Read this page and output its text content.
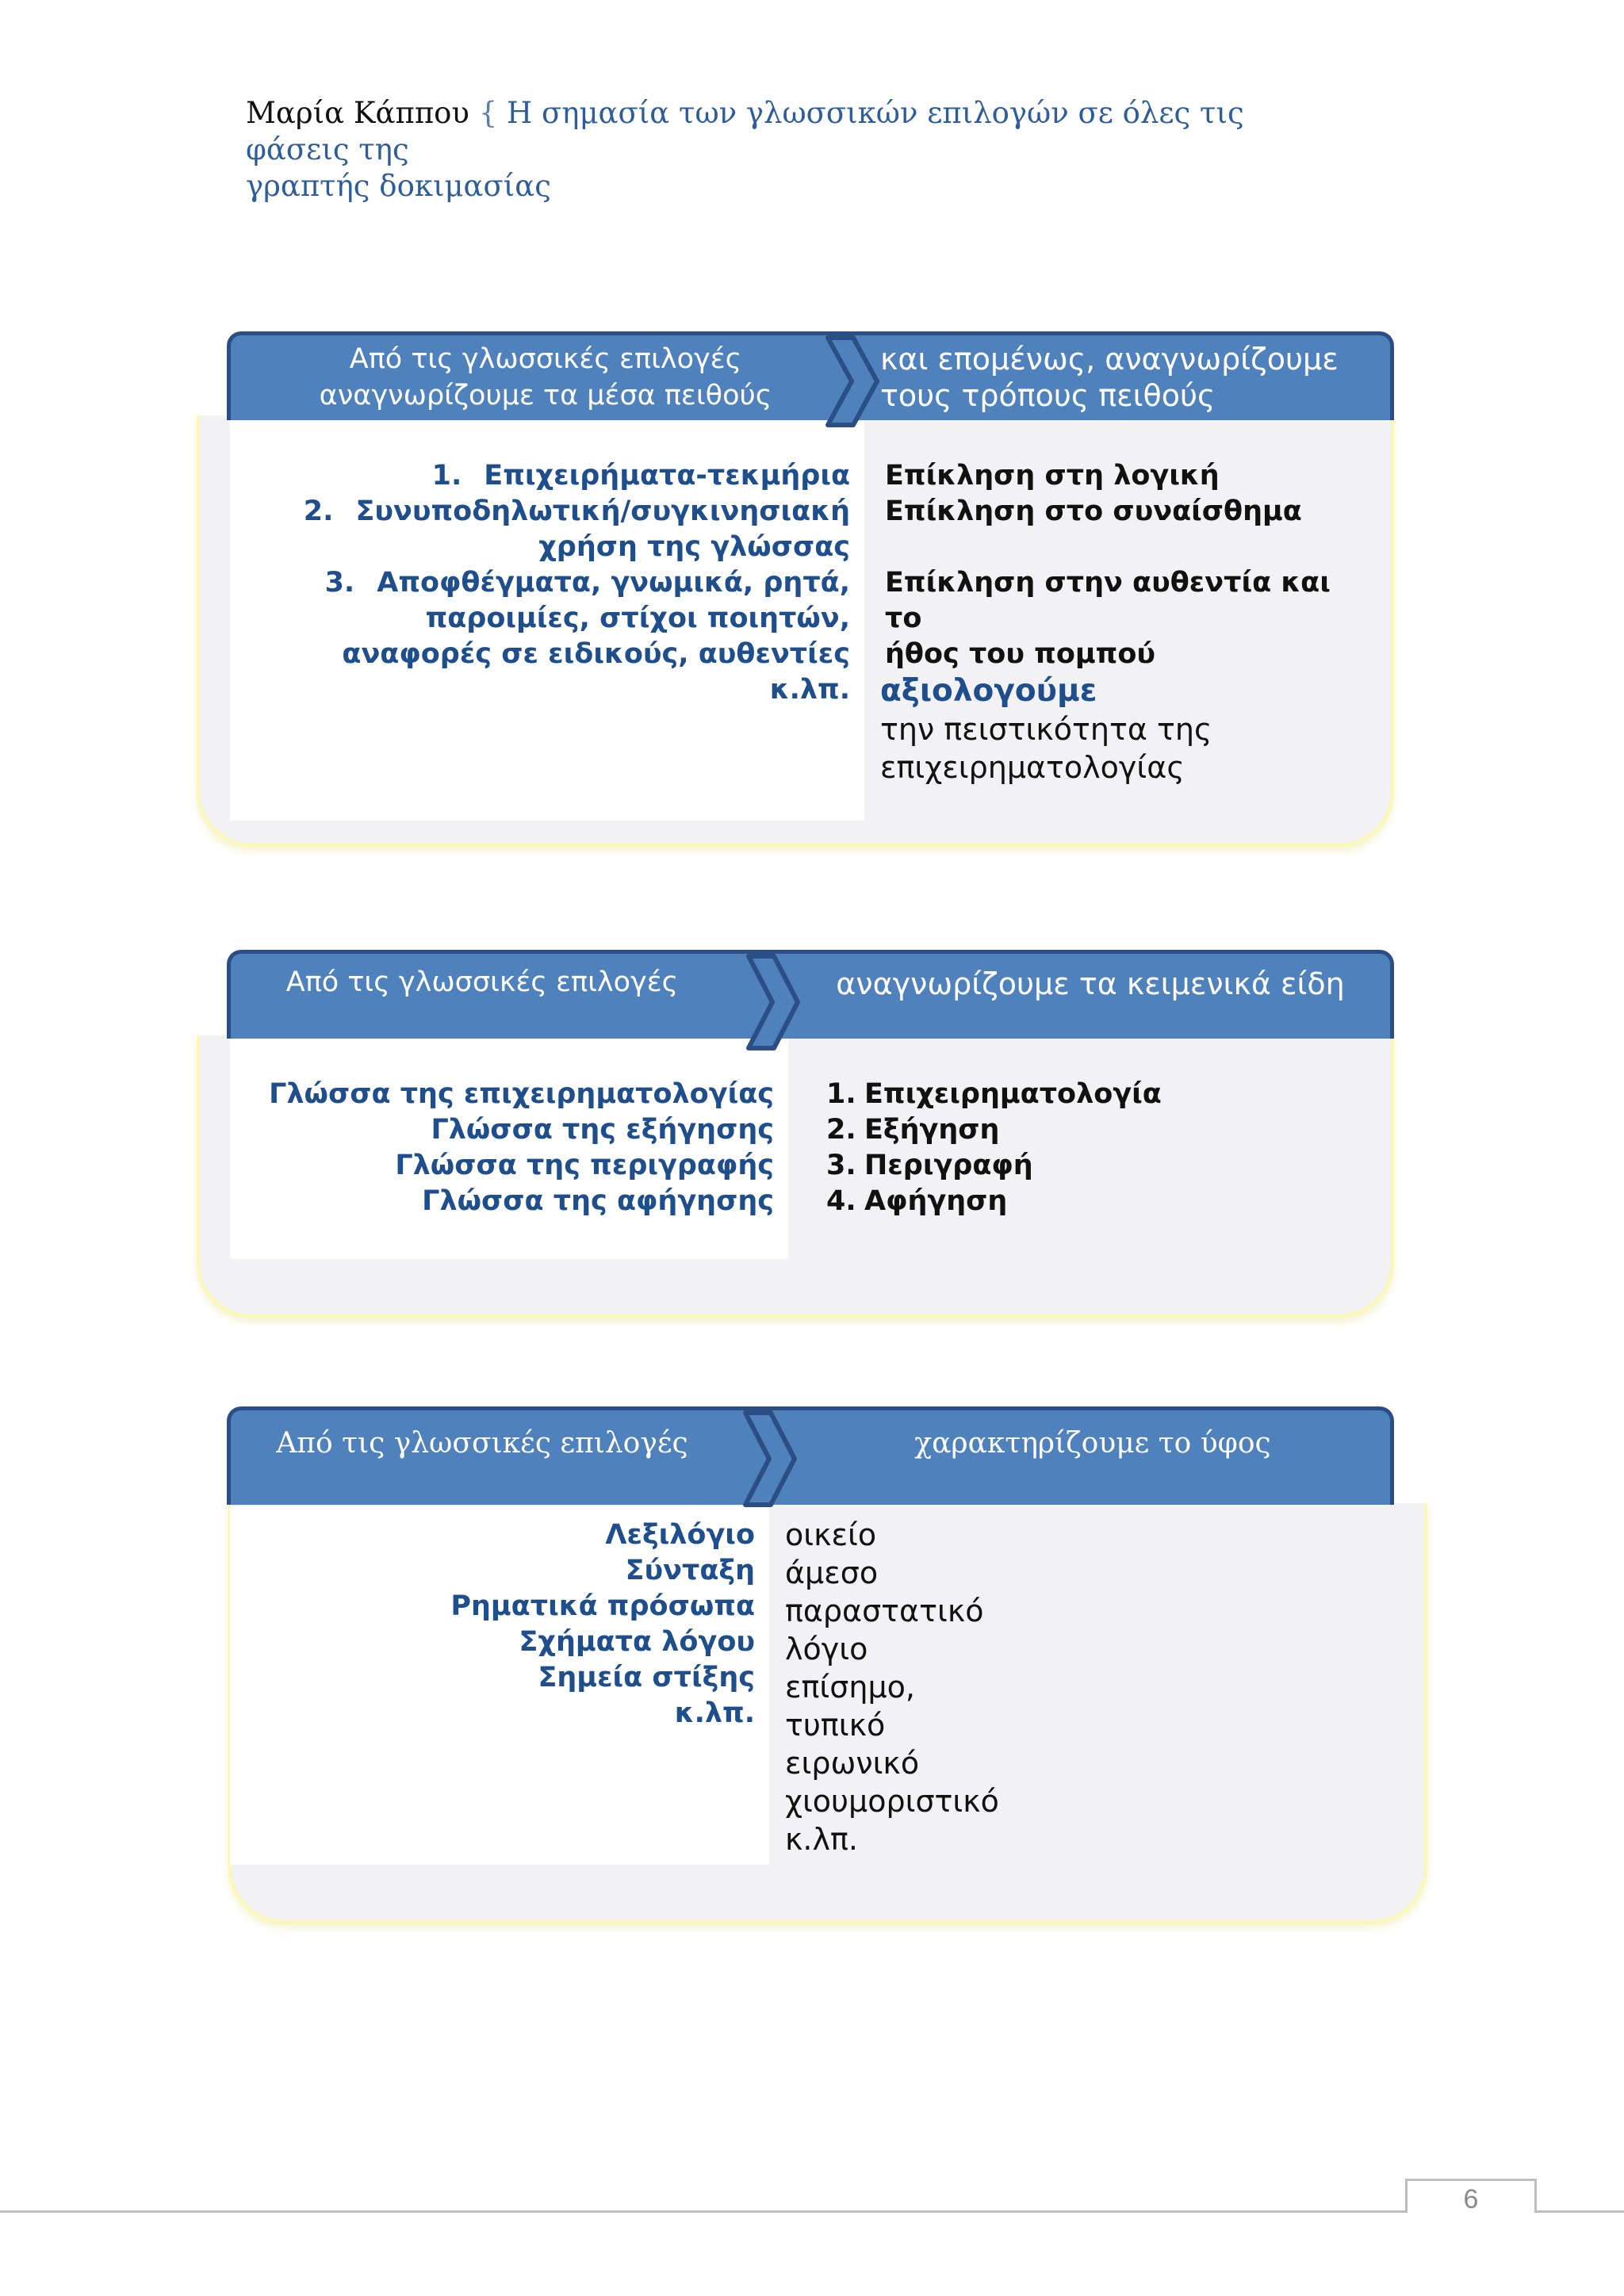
Μαρία Κάππου { Η σημασία των γλωσσικών επιλογών σε όλες τις φάσεις της
γραπτής δοκιμασίας
Από τις γλωσσικές επιλογές
αναγνωρίζουμε τα μέσα πειθούς
και επομένως, αναγνωρίζουμε
τους τρόπους πειθούς
1. Επιχειρήματα-τεκμήρια
2. Συνυποδηλωτική/συγκινησιακή
χρήση της γλώσσας
3. Αποφθέγματα, γνωμικά, ρητά,
παροιμίες, στίχοι ποιητών,
αναφορές σε ειδικούς, αυθεντίες
κ.λπ.
Επίκληση στη λογική
Επίκληση στο συναίσθημα
Επίκληση στην αυθεντία και το
ήθος του πομπού
αξιολογούμε
την πειστικότητα της
επιχειρηματολογίας
Από τις γλωσσικές επιλογές	αναγνωρίζουμε τα κειμενικά είδη
Γλώσσα της επιχειρηματολογίας
Γλώσσα της εξήγησης
Γλώσσα της περιγραφής
Γλώσσα της αφήγησης
1. Επιχειρηματολογία
2. Εξήγηση
3. Περιγραφή
4. Αφήγηση
Από τις γλωσσικές επιλογές	χαρακτηρίζουμε το ύφος
Λεξιλόγιο
Σύνταξη
Ρηματικά πρόσωπα
Σχήματα λόγου
Σημεία στίξης
κ.λπ.
οικείο
άμεσο
παραστατικό
λόγιο
επίσημο,
τυπικό
ειρωνικό
χιουμοριστικό
κ.λπ.
6
